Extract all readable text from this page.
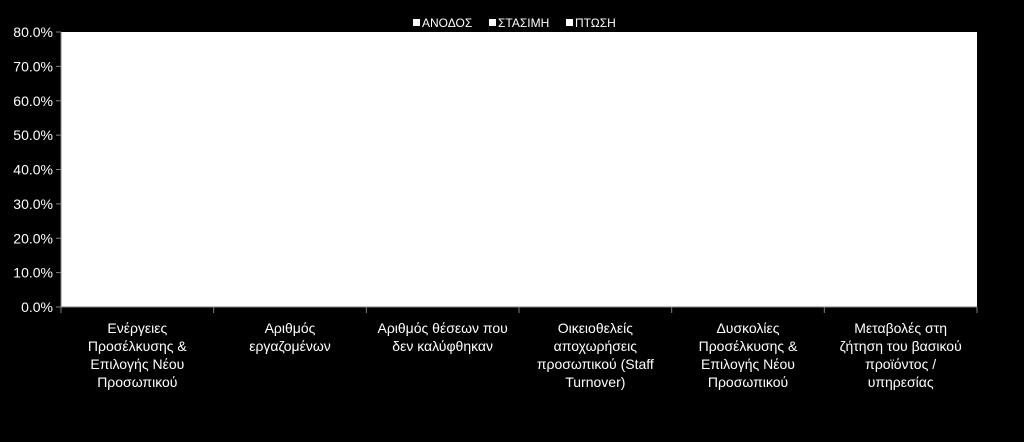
ΑΝΟΔΟΣ ΣΤΑΣΙΜΗ ΠΤΩΣΗ
0.0%
10.0%
20.0%
30.0%
40.0%
50.0%
60.0%
70.0%
80.0%
Ενέργειες
Προσέλκυσης &
Επιλογής Νέου
Προσωπικού
Αριθμός
εργαζομένων
Αριθμός θέσεων που
δεν καλύφθηκαν
Οικειοθελείς
αποχωρήσεις
προσωπικού (Staff
Turnover)
Δυσκολίες
Προσέλκυσης &
Επιλογής Νέου
Προσωπικού
Μεταβολές στη
ζήτηση του βασικού
προϊόντος /
υπηρεσίας
